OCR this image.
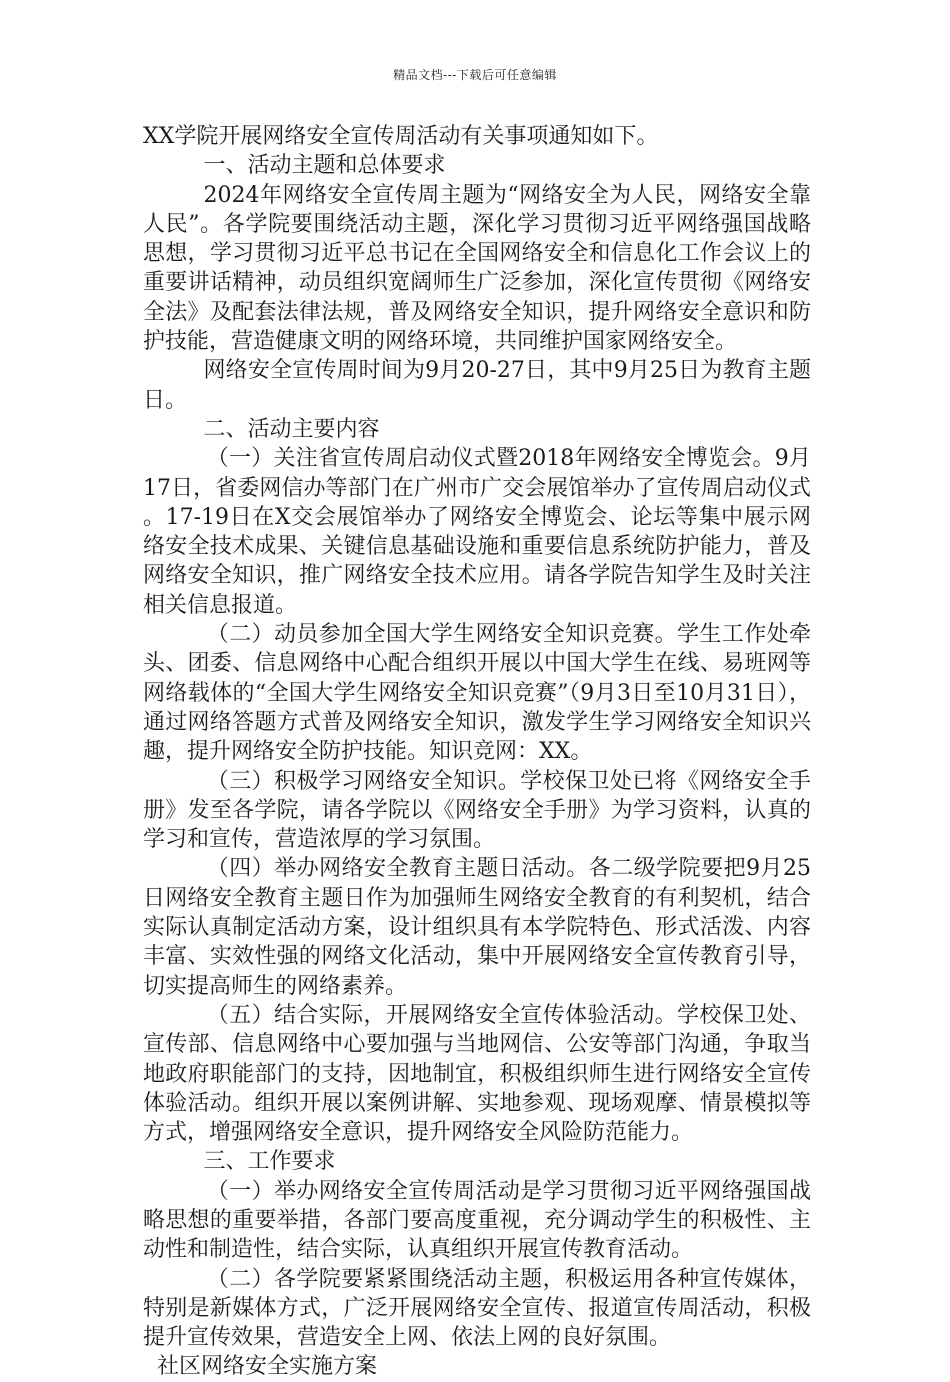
精品文档---下载后可任意编辑

XX学院开展网络安全宣传周活动有关事项通知如下。

一、活动主题和总体要求

2024年网络安全宣传周主题为“网络安全为人民，网络安全靠人民”。各学院要围绕活动主题，深化学习贯彻习近平网络强国战略思想，学习贯彻习近平总书记在全国网络安全和信息化工作会议上的重要讲话精神，动员组织宽阔师生广泛参加，深化宣传贯彻《网络安全法》及配套法律法规，普及网络安全知识，提升网络安全意识和防护技能，营造健康文明的网络环境，共同维护国家网络安全。

网络安全宣传周时间为9月20-27日，其中9月25日为教育主题日。

二、活动主要内容

（一）关注省宣传周启动仪式暨2018年网络安全博览会。9月17日，省委网信办等部门在广州市广交会展馆举办了宣传周启动仪式。17-19日在X交会展馆举办了网络安全博览会、论坛等集中展示网络安全技术成果、关键信息基础设施和重要信息系统防护能力，普及网络安全知识，推广网络安全技术应用。请各学院告知学生及时关注相关信息报道。

（二）动员参加全国大学生网络安全知识竞赛。学生工作处牵头、团委、信息网络中心配合组织开展以中国大学生在线、易班网等网络载体的“全国大学生网络安全知识竞赛”（9月3日至10月31日），通过网络答题方式普及网络安全知识，激发学生学习网络安全知识兴趣，提升网络安全防护技能。知识竞网：XX。

（三）积极学习网络安全知识。学校保卫处已将《网络安全手册》发至各学院，请各学院以《网络安全手册》为学习资料，认真的学习和宣传，营造浓厚的学习氛围。

（四）举办网络安全教育主题日活动。各二级学院要把9月25日网络安全教育主题日作为加强师生网络安全教育的有利契机，结合实际认真制定活动方案，设计组织具有本学院特色、形式活泼、内容丰富、实效性强的网络文化活动，集中开展网络安全宣传教育引导，切实提高师生的网络素养。

（五）结合实际，开展网络安全宣传体验活动。学校保卫处、宣传部、信息网络中心要加强与当地网信、公安等部门沟通，争取当地政府职能部门的支持，因地制宜，积极组织师生进行网络安全宣传体验活动。组织开展以案例讲解、实地参观、现场观摩、情景模拟等方式，增强网络安全意识，提升网络安全风险防范能力。

三、工作要求

（一）举办网络安全宣传周活动是学习贯彻习近平网络强国战略思想的重要举措，各部门要高度重视，充分调动学生的积极性、主动性和制造性，结合实际，认真组织开展宣传教育活动。

（二）各学院要紧紧围绕活动主题，积极运用各种宣传媒体，特别是新媒体方式，广泛开展网络安全宣传、报道宣传周活动，积极提升宣传效果，营造安全上网、依法上网的良好氛围。

社区网络安全实施方案
